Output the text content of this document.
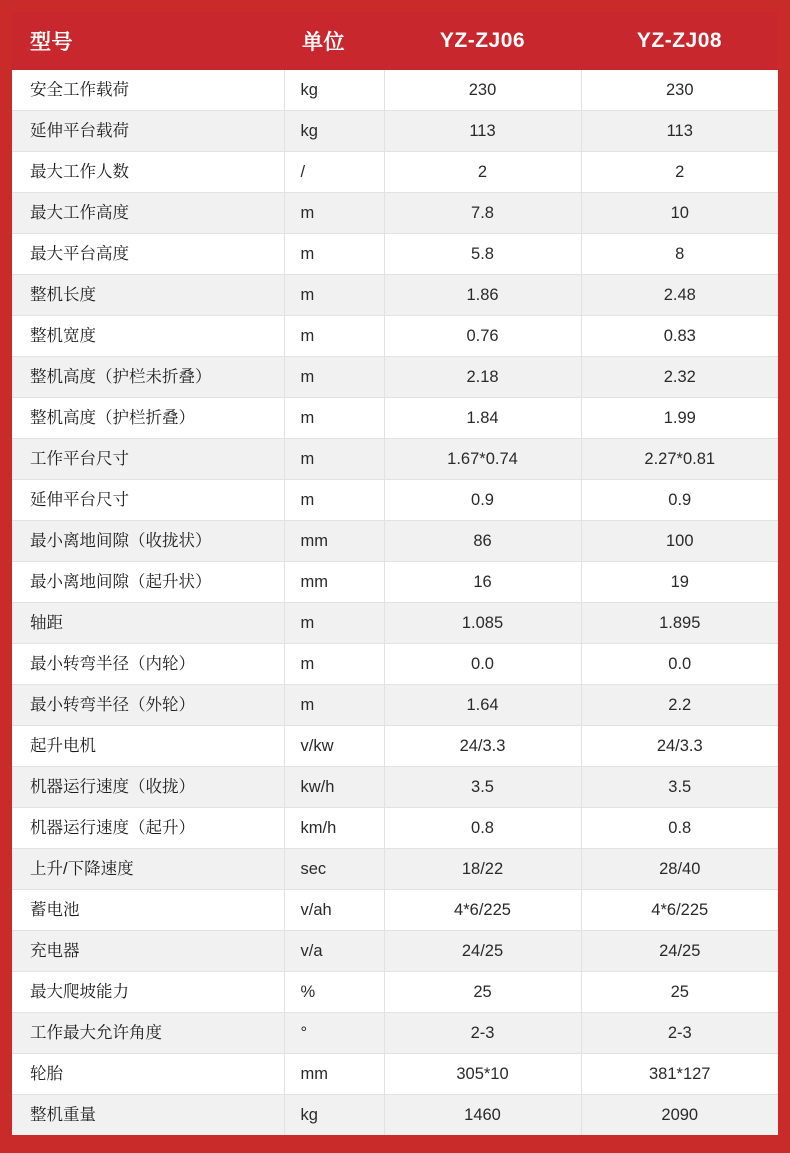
型号	单位	YZ-ZJ06	YZ-ZJ08
安全工作载荷	kg	230	230
延伸平台载荷	kg	113	113
最大工作人数	/	2	2
最大工作高度	m	7.8	10
最大平台高度	m	5.8	8
整机长度	m	1.86	2.48
整机宽度	m	0.76	0.83
整机高度（护栏未折叠）	m	2.18	2.32
整机高度（护栏折叠）	m	1.84	1.99
工作平台尺寸	m	1.67*0.74	2.27*0.81
延伸平台尺寸	m	0.9	0.9
最小离地间隙（收拢状）	mm	86	100
最小离地间隙（起升状）	mm	16	19
轴距	m	1.085	1.895
最小转弯半径（内轮）	m	0.0	0.0
最小转弯半径（外轮）	m	1.64	2.2
起升电机	v/kw	24/3.3	24/3.3
机器运行速度（收拢）	kw/h	3.5	3.5
机器运行速度（起升）	km/h	0.8	0.8
上升/下降速度	sec	18/22	28/40
蓄电池	v/ah	4*6/225	4*6/225
充电器	v/a	24/25	24/25
最大爬坡能力	%	25	25
工作最大允许角度	°	2-3	2-3
轮胎	mm	305*10	381*127
整机重量	kg	1460	2090
